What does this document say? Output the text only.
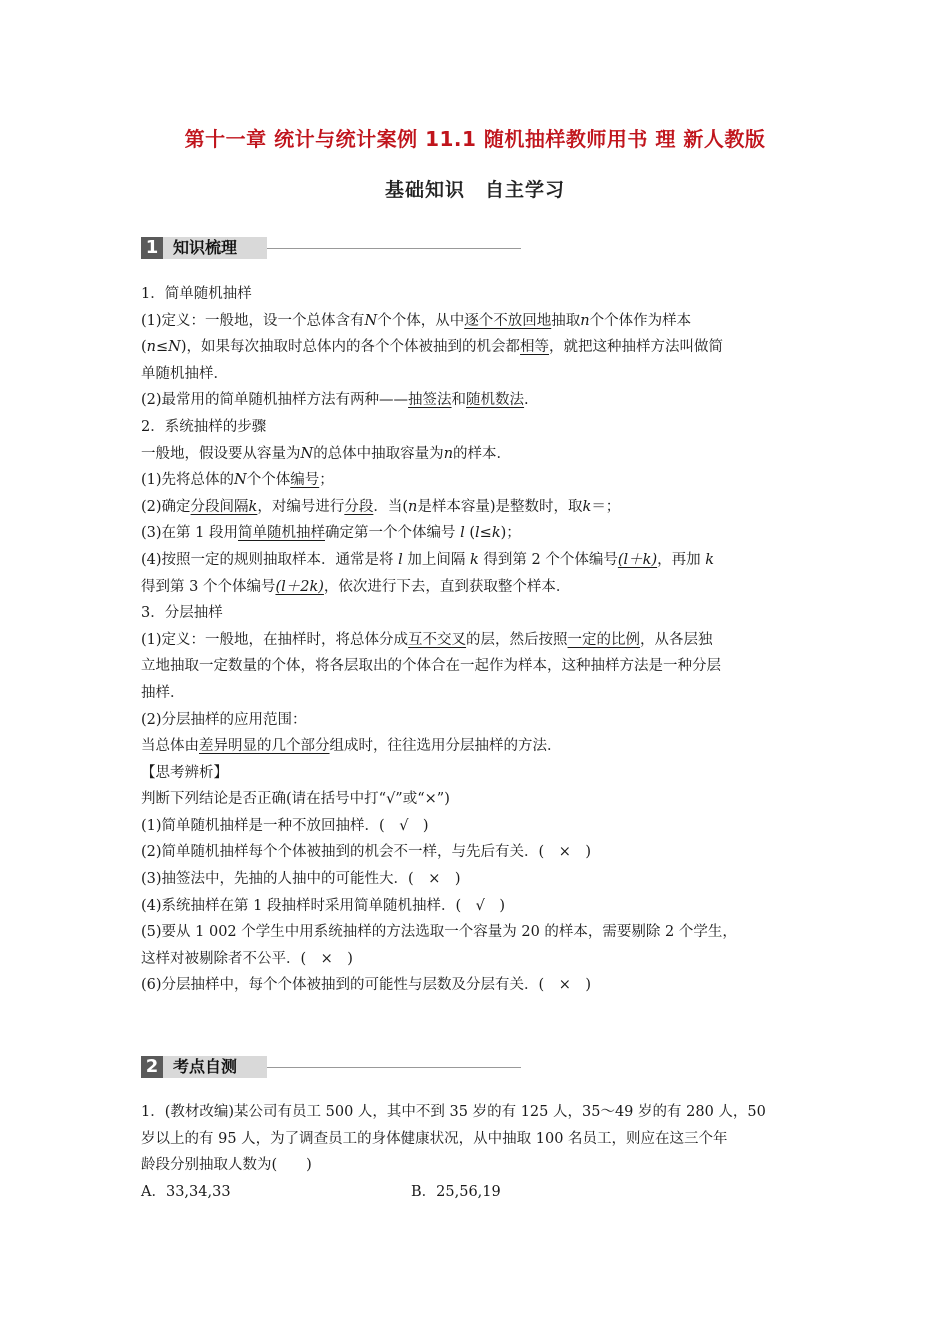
第十一章 统计与统计案例 11.1 随机抽样教师用书 理 新人教版
基础知识　自主学习
1 知识梳理
1．简单随机抽样
(1)定义：一般地，设一个总体含有N个个体，从中逐个不放回地抽取n个个体作为样本
(n≤N)，如果每次抽取时总体内的各个个体被抽到的机会都相等，就把这种抽样方法叫做简
单随机抽样．
(2)最常用的简单随机抽样方法有两种——抽签法和随机数法.
2．系统抽样的步骤
一般地，假设要从容量为N的总体中抽取容量为n的样本．
(1)先将总体的N个个体编号；
(2)确定分段间隔k，对编号进行分段．当(n是样本容量)是整数时，取k＝；
(3)在第 1 段用简单随机抽样确定第一个个体编号 l (l≤k)；
(4)按照一定的规则抽取样本．通常是将 l 加上间隔 k 得到第 2 个个体编号(l＋k)，再加 k
得到第 3 个个体编号(l＋2k)，依次进行下去，直到获取整个样本．
3．分层抽样
(1)定义：一般地，在抽样时，将总体分成互不交叉的层，然后按照一定的比例，从各层独
立地抽取一定数量的个体，将各层取出的个体合在一起作为样本，这种抽样方法是一种分层
抽样．
(2)分层抽样的应用范围：
当总体由差异明显的几个部分组成时，往往选用分层抽样的方法．
【思考辨析】
判断下列结论是否正确(请在括号中打“√”或“×”)
(1)简单随机抽样是一种不放回抽样．(　√　)
(2)简单随机抽样每个个体被抽到的机会不一样，与先后有关．(　×　)
(3)抽签法中，先抽的人抽中的可能性大．(　×　)
(4)系统抽样在第 1 段抽样时采用简单随机抽样．(　√　)
(5)要从 1 002 个学生中用系统抽样的方法选取一个容量为 20 的样本，需要剔除 2 个学生，
这样对被剔除者不公平．(　×　)
(6)分层抽样中，每个个体被抽到的可能性与层数及分层有关．(　×　)
2 考点自测
1．(教材改编)某公司有员工 500 人，其中不到 35 岁的有 125 人，35～49 岁的有 280 人，50
岁以上的有 95 人，为了调查员工的身体健康状况，从中抽取 100 名员工，则应在这三个年
龄段分别抽取人数为(　　)
A．33,34,33	B．25,56,19
